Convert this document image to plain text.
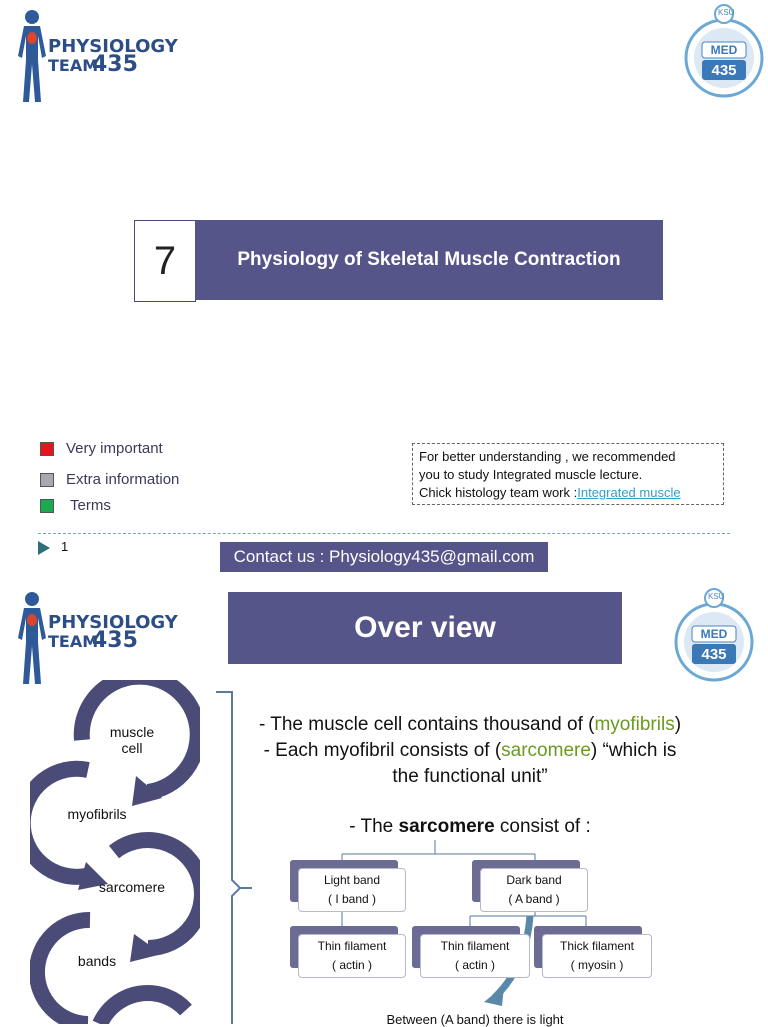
PHYSIOLOGY
TEAM
435
KSU
MED
435
7	Physiology of Skeletal Muscle Contraction
Very important
Extra information
Terms
For better understanding , we recommended
you to study Integrated muscle lecture.
Chick histology team work :Integrated muscle
1
Contact us : Physiology435@gmail.com
PHYSIOLOGY
TEAM
435	Over view
KSU
MED
435
muscle cell
myofibrils
sarcomere
bands
- The muscle cell contains thousand of (myofibrils)
- Each myofibril consists of (sarcomere) “which is
the functional unit”
- The sarcomere consist of :
Light band
( I band )
Dark band
( A band )
Thin filament
( actin )
Thin filament
( actin )
Thick filament
( myosin )
Between (A band) there is light
